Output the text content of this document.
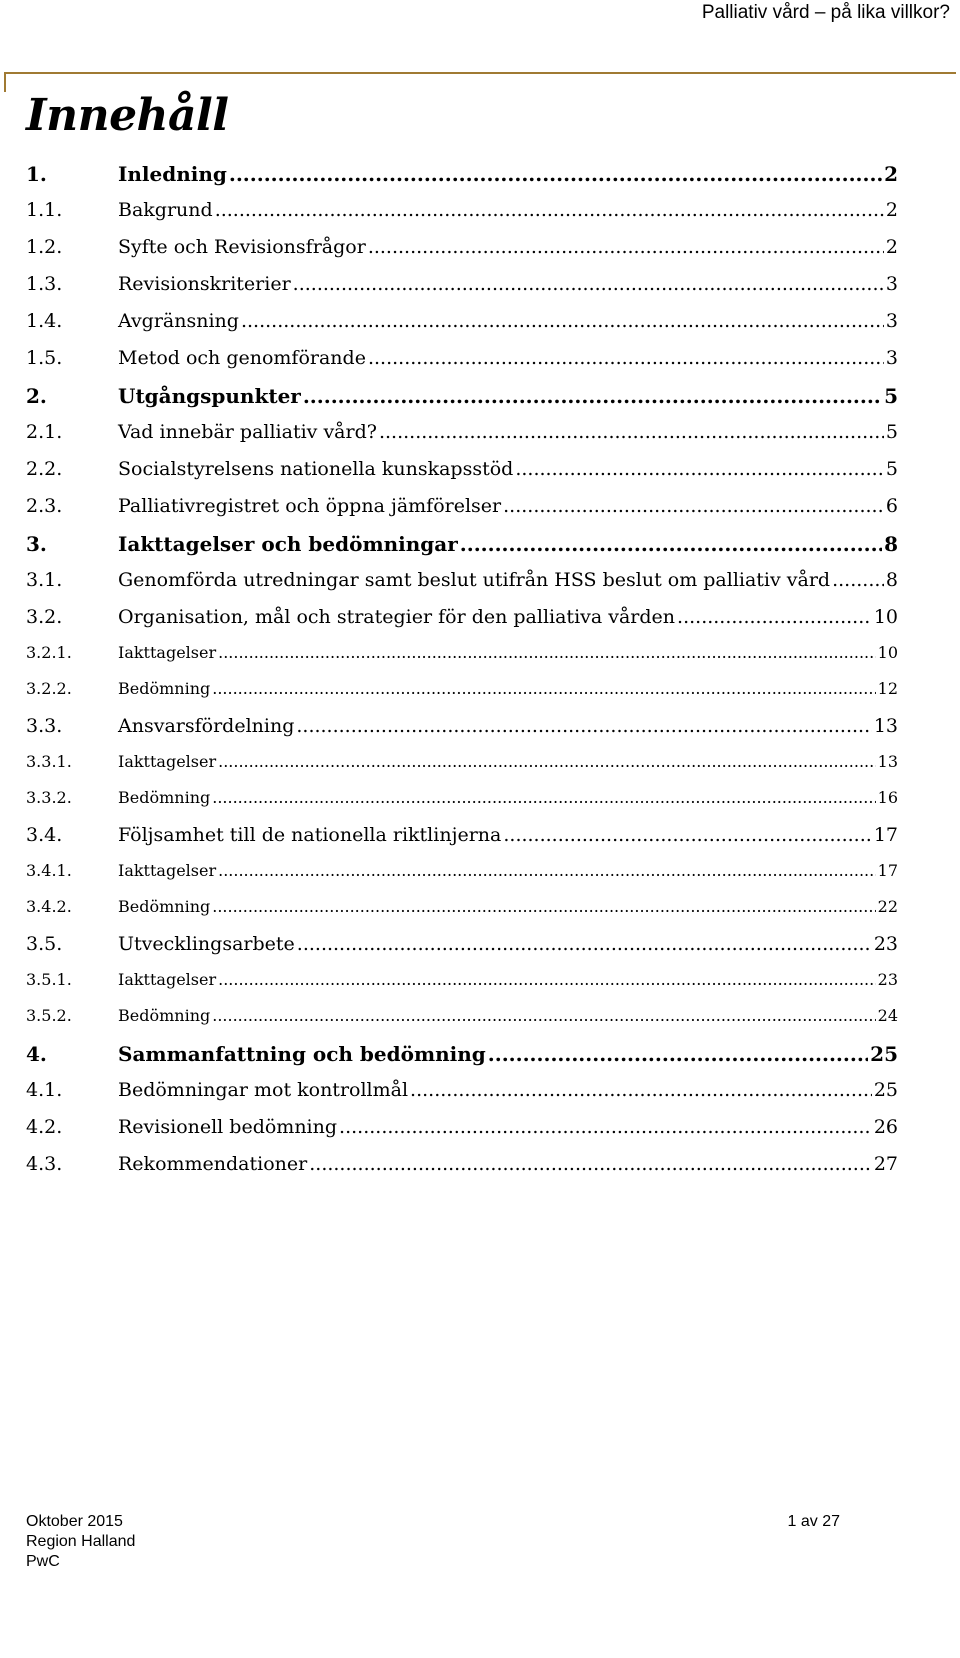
Palliativ vård – på lika villkor?
Innehåll
1.	Inledning .....	2
1.1.	Bakgrund .....	2
1.2.	Syfte och Revisionsfrågor .....	2
1.3.	Revisionskriterier .....	3
1.4.	Avgränsning .....	3
1.5.	Metod och genomförande .....	3
2.	Utgångspunkter .....	5
2.1.	Vad innebär palliativ vård? .....	5
2.2.	Socialstyrelsens nationella kunskapsstöd .....	5
2.3.	Palliativregistret och öppna jämförelser .....	6
3.	Iakttagelser och bedömningar .....	8
3.1.	Genomförda utredningar samt beslut utifrån HSS beslut om palliativ vård .....	8
3.2.	Organisation, mål och strategier för den palliativa vården .....	10
3.2.1.	Iakttagelser .....	10
3.2.2.	Bedömning .....	12
3.3.	Ansvarsfördelning .....	13
3.3.1.	Iakttagelser .....	13
3.3.2.	Bedömning .....	16
3.4.	Följsamhet till de nationella riktlinjerna .....	17
3.4.1.	Iakttagelser .....	17
3.4.2.	Bedömning .....	22
3.5.	Utvecklingsarbete .....	23
3.5.1.	Iakttagelser .....	23
3.5.2.	Bedömning .....	24
4.	Sammanfattning och bedömning .....	25
4.1.	Bedömningar mot kontrollmål .....	25
4.2.	Revisionell bedömning .....	26
4.3.	Rekommendationer .....	27
Oktober 2015
Region Halland
PwC
1 av 27
